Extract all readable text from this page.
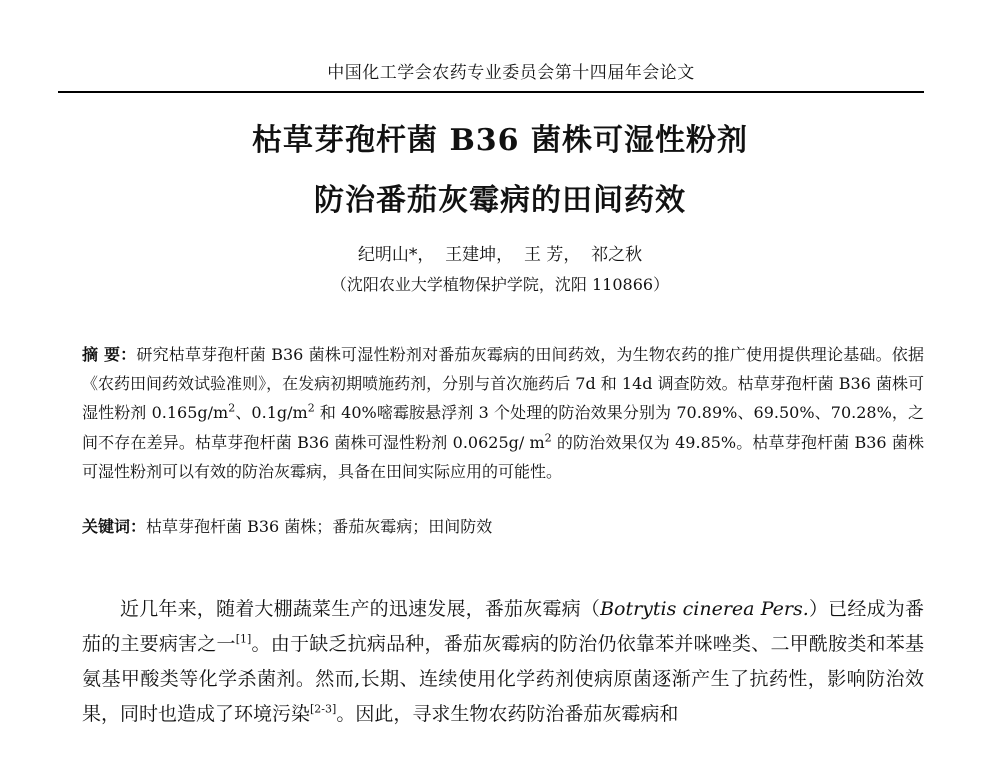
中国化工学会农药专业委员会第十四届年会论文
枯草芽孢杆菌 B36 菌株可湿性粉剂
防治番茄灰霉病的田间药效
纪明山*， 王建坤， 王 芳， 祁之秋
（沈阳农业大学植物保护学院，沈阳 110866）
摘 要：研究枯草芽孢杆菌 B36 菌株可湿性粉剂对番茄灰霉病的田间药效，为生物农药的推广使用提供理论基础。依据《农药田间药效试验准则》，在发病初期喷施药剂，分别与首次施药后 7d 和 14d 调查防效。枯草芽孢杆菌 B36 菌株可湿性粉剂 $0.165g/m^2$、$0.1g/m^2$ 和 40%嘧霉胺悬浮剂 3 个处理的防治效果分别为 70.89%、69.50%、70.28%，之间不存在差异。枯草芽孢杆菌 B36 菌株可湿性粉剂 0.0625g/ $m^2$ 的防治效果仅为 49.85%。枯草芽孢杆菌 B36 菌株可湿性粉剂可以有效的防治灰霉病，具备在田间实际应用的可能性。
关键词：枯草芽孢杆菌 B36 菌株；番茄灰霉病；田间防效
近几年来，随着大棚蔬菜生产的迅速发展，番茄灰霉病（Botrytis cinerea Pers.）已经成为番茄的主要病害之一[1]。由于缺乏抗病品种，番茄灰霉病的防治仍依靠苯并咪唑类、二甲酰胺类和苯基氨基甲酸类等化学杀菌剂。然而,长期、连续使用化学药剂使病原菌逐渐产生了抗药性，影响防治效果，同时也造成了环境污染[2-3]。因此，寻求生物农药防治番茄灰霉病和
